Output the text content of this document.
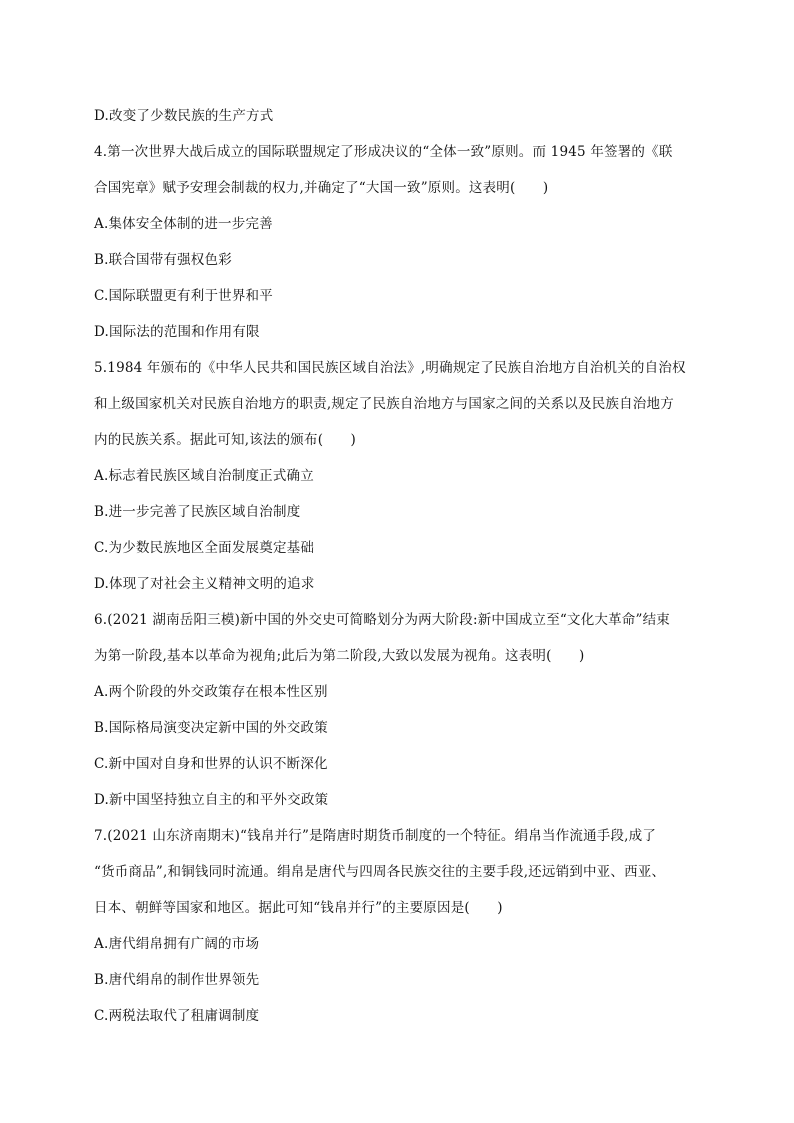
D.改变了少数民族的生产方式
4.第一次世界大战后成立的国际联盟规定了形成决议的“全体一致”原则。而 1945 年签署的《联
合国宪章》赋予安理会制裁的权力,并确定了“大国一致”原则。这表明(　　)
A.集体安全体制的进一步完善
B.联合国带有强权色彩
C.国际联盟更有利于世界和平
D.国际法的范围和作用有限
5.1984 年颁布的《中华人民共和国民族区域自治法》,明确规定了民族自治地方自治机关的自治权
和上级国家机关对民族自治地方的职责,规定了民族自治地方与国家之间的关系以及民族自治地方
内的民族关系。据此可知,该法的颁布(　　)
A.标志着民族区域自治制度正式确立
B.进一步完善了民族区域自治制度
C.为少数民族地区全面发展奠定基础
D.体现了对社会主义精神文明的追求
6.(2021 湖南岳阳三模)新中国的外交史可简略划分为两大阶段:新中国成立至“文化大革命”结束
为第一阶段,基本以革命为视角;此后为第二阶段,大致以发展为视角。这表明(　　)
A.两个阶段的外交政策存在根本性区别
B.国际格局演变决定新中国的外交政策
C.新中国对自身和世界的认识不断深化
D.新中国坚持独立自主的和平外交政策
7.(2021 山东济南期末)“钱帛并行”是隋唐时期货币制度的一个特征。绢帛当作流通手段,成了
“货币商品”,和铜钱同时流通。绢帛是唐代与四周各民族交往的主要手段,还远销到中亚、西亚、
日本、朝鲜等国家和地区。据此可知“钱帛并行”的主要原因是(　　)
A.唐代绢帛拥有广阔的市场
B.唐代绢帛的制作世界领先
C.两税法取代了租庸调制度
